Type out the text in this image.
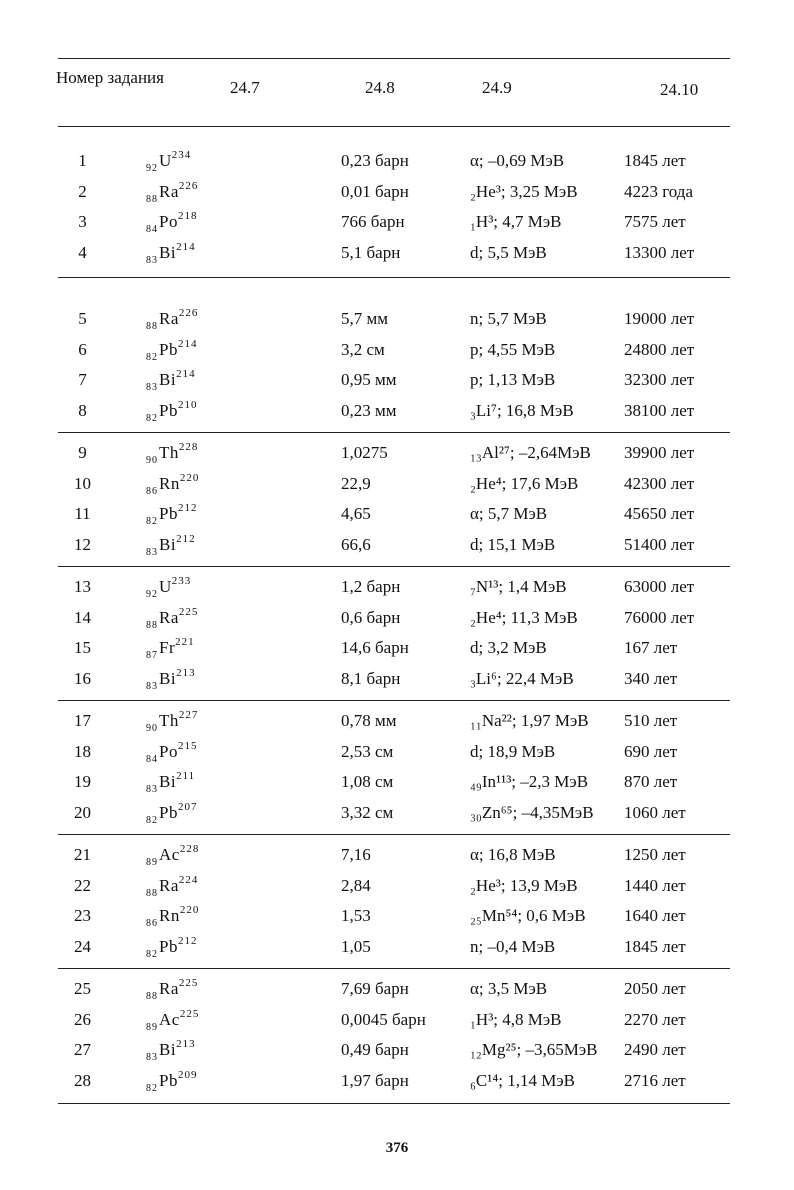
Номер задания
24.7	24.8	24.9	24.10
1	$_{92}U^{234}$	0,23 барн	α; –0,69 МэВ	1845 лет
2	$_{88}Ra^{226}$	0,01 барн	₂He³; 3,25 МэВ	4223 года
3	$_{84}Po^{218}$	766 барн	₁H³; 4,7 МэВ	7575 лет
4	$_{83}Bi^{214}$	5,1 барн	d; 5,5 МэВ	13300 лет
5	$_{88}Ra^{226}$	5,7 мм	n; 5,7 МэВ	19000 лет
6	$_{82}Pb^{214}$	3,2 см	p; 4,55 МэВ	24800 лет
7	$_{83}Bi^{214}$	0,95 мм	p; 1,13 МэВ	32300 лет
8	$_{82}Pb^{210}$	0,23 мм	₃Li⁷; 16,8 МэВ	38100 лет
9	$_{90}Th^{228}$	1,0275	₁₃Al²⁷; –2,64МэВ 39900 лет
10	$_{86}Rn^{220}$	22,9	₂He⁴; 17,6 МэВ	42300 лет
11	$_{82}Pb^{212}$	4,65	α; 5,7 МэВ	45650 лет
12	$_{83}Bi^{212}$	66,6	d; 15,1 МэВ	51400 лет
13	$_{92}U^{233}$	1,2 барн	₇N¹³; 1,4 МэВ	63000 лет
14	$_{88}Ra^{225}$	0,6 барн	₂He⁴; 11,3 МэВ	76000 лет
15	$_{87}Fr^{221}$	14,6 барн	d; 3,2 МэВ	167 лет
16	$_{83}Bi^{213}$	8,1 барн	₃Li⁶; 22,4 МэВ	340 лет
17	$_{90}Th^{227}$	0,78 мм	₁₁Na²²; 1,97 МэВ 510 лет
18	$_{84}Po^{215}$	2,53 см	d; 18,9 МэВ	690 лет
19	$_{83}Bi^{211}$	1,08 см	₄₉In¹¹³; –2,3 МэВ 870 лет
20	$_{82}Pb^{207}$	3,32 см	₃₀Zn⁶⁵; –4,35МэВ 1060 лет
21	$_{89}Ac^{228}$	7,16	α; 16,8 МэВ	1250 лет
22	$_{88}Ra^{224}$	2,84	₂He³; 13,9 МэВ	1440 лет
23	$_{86}Rn^{220}$	1,53	₂₅Mn⁵⁴; 0,6 МэВ 1640 лет
24	$_{82}Pb^{212}$	1,05	n; –0,4 МэВ	1845 лет
25	$_{88}Ra^{225}$	7,69 барн	α; 3,5 МэВ	2050 лет
26	$_{89}Ac^{225}$	0,0045 барн	₁H³; 4,8 МэВ	2270 лет
27	$_{83}Bi^{213}$	0,49 барн	₁₂Mg²⁵; –3,65МэВ 2490 лет
28	$_{82}Pb^{209}$	1,97 барн	₆C¹⁴; 1,14 МэВ	2716 лет
376
